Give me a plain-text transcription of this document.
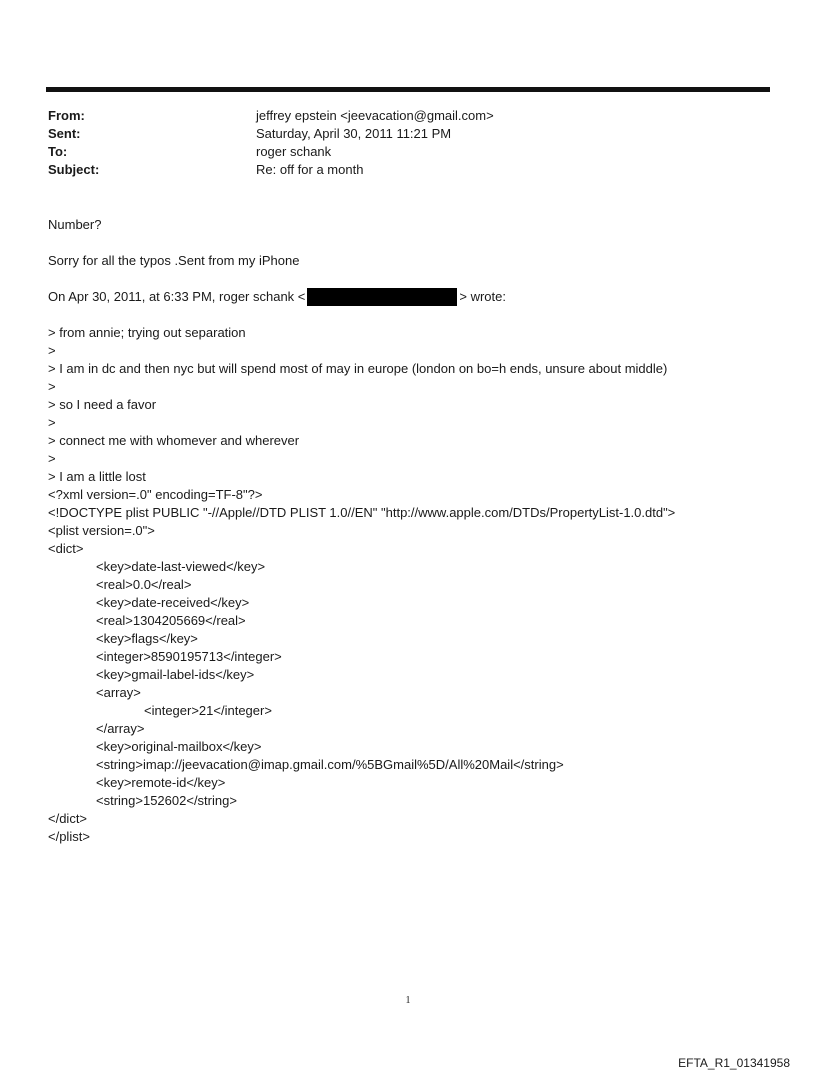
From:	jeffrey epstein <jeevacation@gmail.com>
Sent:	Saturday, April 30, 2011 11:21 PM
To:	roger schank
Subject:	Re: off for a month
Number?
Sorry for all the typos .Sent from my iPhone
On Apr 30, 2011, at 6:33 PM, roger schank <	> wrote:
> from annie; trying out separation
>
> I am in dc and then nyc but will spend most of may in europe (london on bo=h ends, unsure about middle)
>
> so I need a favor
>
> connect me with whomever and wherever
>
> I am a little lost
<?xml version=.0" encoding=TF-8"?>
<!DOCTYPE plist PUBLIC "-//Apple//DTD PLIST 1.0//EN" "http://www.apple.com/DTDs/PropertyList-1.0.dtd">
<plist version=.0">
<dict>
<key>date-last-viewed</key>
<real>0.0</real>
<key>date-received</key>
<real>1304205669</real>
<key>flags</key>
<integer>8590195713</integer>
<key>gmail-label-ids</key>
<array>
<integer>21</integer>
</array>
<key>original-mailbox</key>
<string>imap://jeevacation@imap.gmail.com/%5BGmail%5D/All%20Mail</string>
<key>remote-id</key>
<string>152602</string>
</dict>
</plist>
1
EFTA_R1_01341958
